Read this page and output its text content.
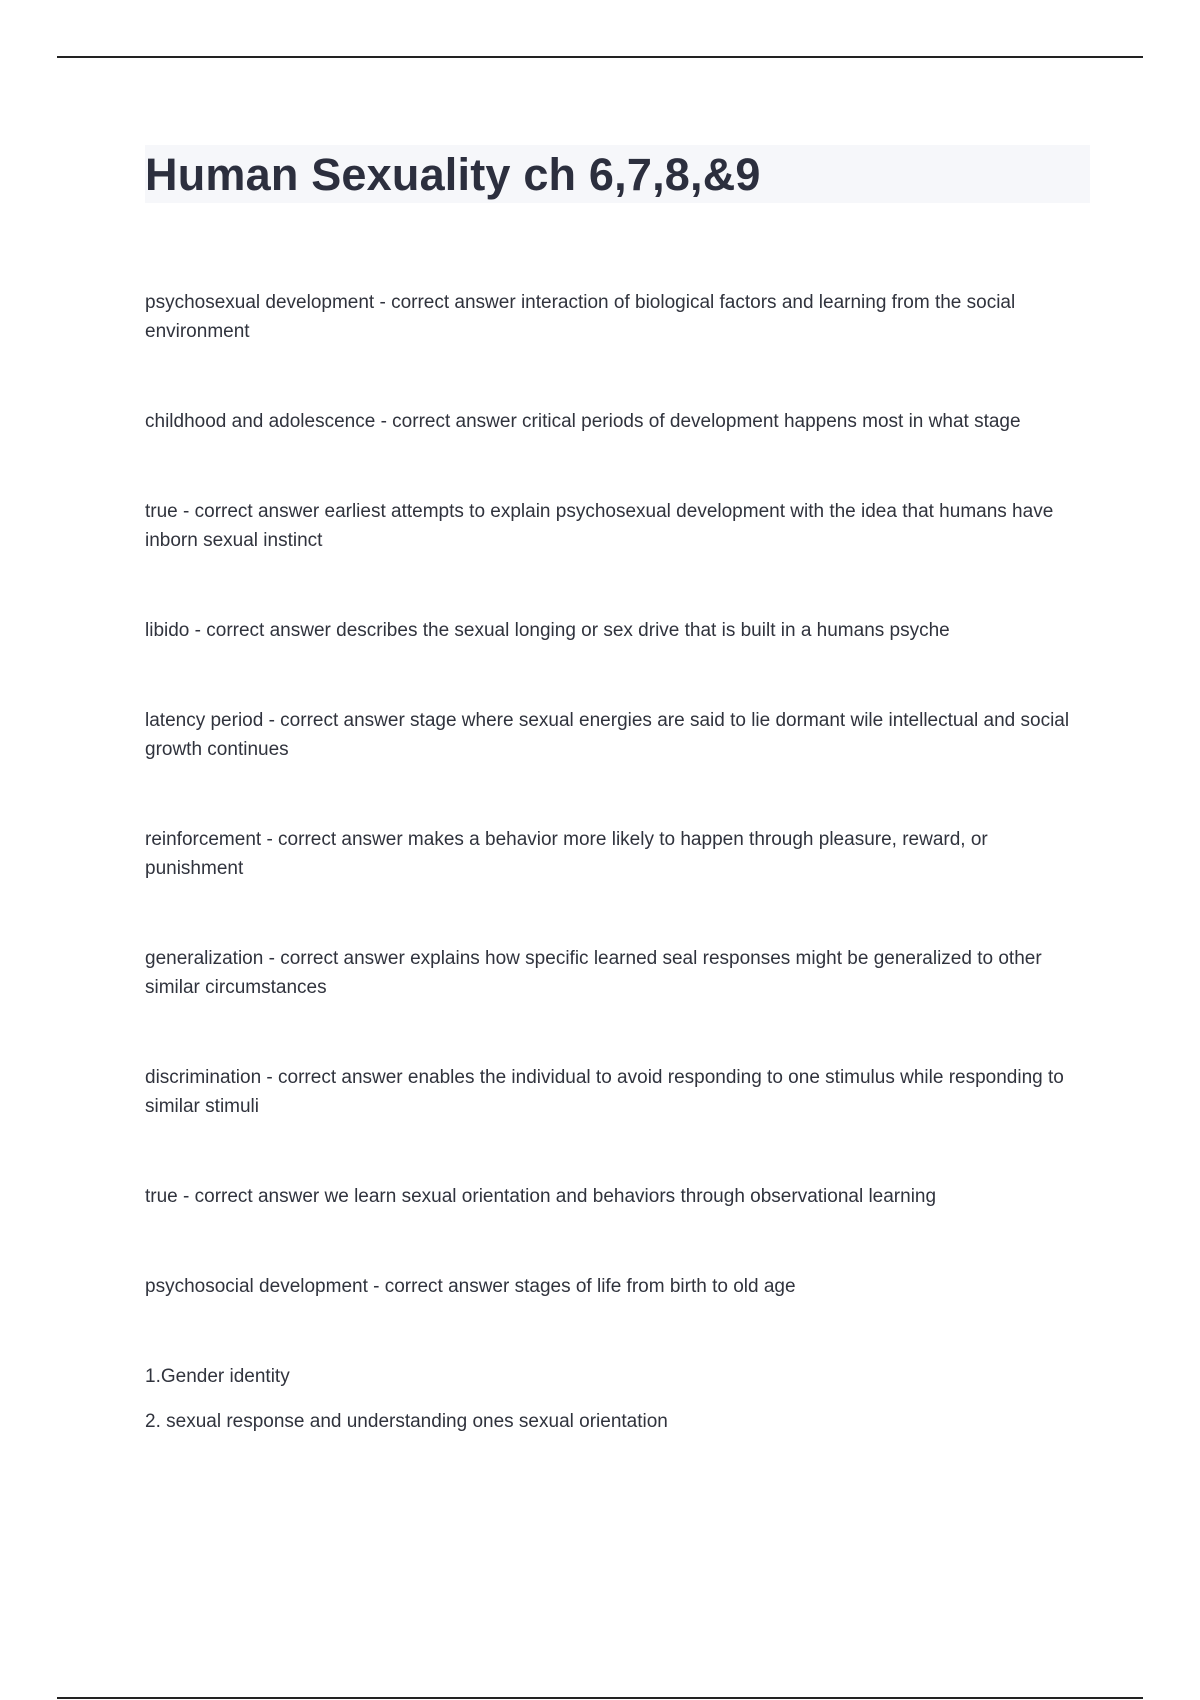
Human Sexuality ch 6,7,8,&9
psychosexual development - correct answer interaction of biological factors and learning from the social environment
childhood and adolescence - correct answer critical periods of development happens most in what stage
true - correct answer earliest attempts to explain psychosexual development with the idea that humans have inborn sexual instinct
libido - correct answer describes the sexual longing or sex drive that is built in a humans psyche
latency period - correct answer stage where sexual energies are said to lie dormant wile intellectual and social growth continues
reinforcement - correct answer makes a behavior more likely to happen through pleasure, reward, or punishment
generalization - correct answer explains how specific learned seal responses might be generalized to other similar circumstances
discrimination - correct answer enables the individual to avoid responding to one stimulus while responding to similar stimuli
true - correct answer we learn sexual orientation and behaviors through observational learning
psychosocial development - correct answer stages of life from birth to old age
1.Gender identity
2. sexual response and understanding ones sexual orientation
